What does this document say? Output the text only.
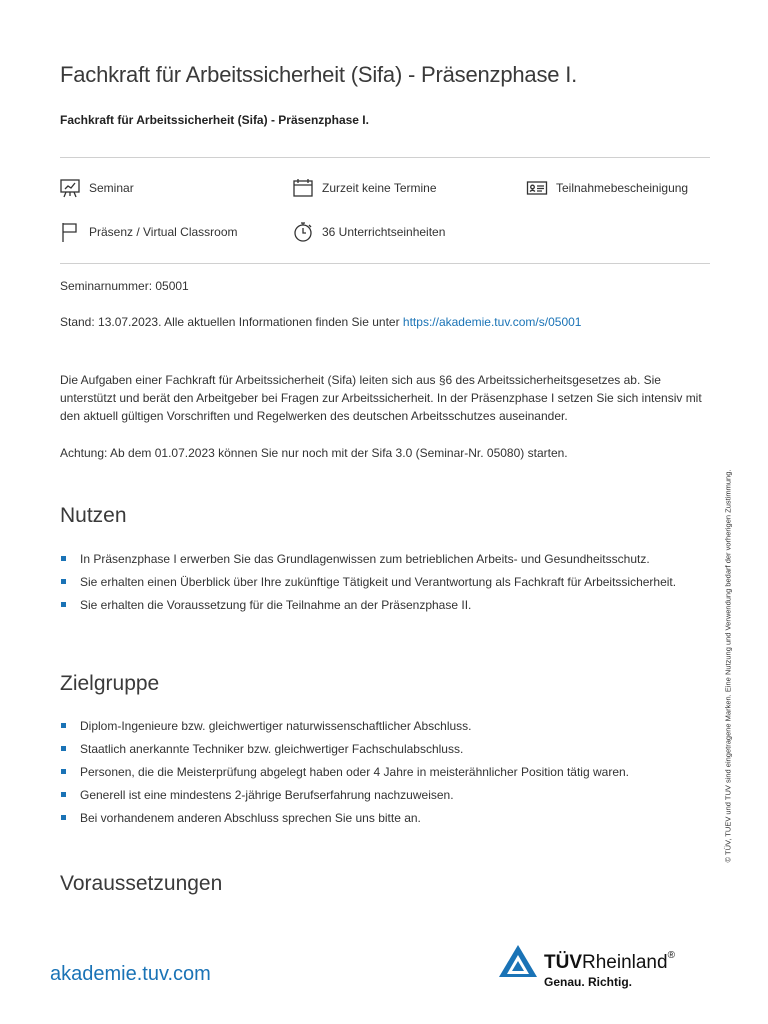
Fachkraft für Arbeitssicherheit (Sifa) - Präsenzphase I.
Fachkraft für Arbeitssicherheit (Sifa) - Präsenzphase I.
Seminar	Zurzeit keine Termine	Teilnahmebescheinigung
Präsenz / Virtual Classroom	36 Unterrichtseinheiten
Seminarnummer: 05001
Stand: 13.07.2023. Alle aktuellen Informationen finden Sie unter https://akademie.tuv.com/s/05001

Die Aufgaben einer Fachkraft für Arbeitssicherheit (Sifa) leiten sich aus §6 des Arbeitssicherheitsgesetzes ab. Sie unterstützt und berät den Arbeitgeber bei Fragen zur Arbeitssicherheit. In der Präsenzphase I setzen Sie sich intensiv mit den aktuell gültigen Vorschriften und Regelwerken des deutschen Arbeitsschutzes auseinander.

Achtung: Ab dem 01.07.2023 können Sie nur noch mit der Sifa 3.0 (Seminar-Nr. 05080) starten.

Nutzen
In Präsenzphase I erwerben Sie das Grundlagenwissen zum betrieblichen Arbeits- und Gesundheitsschutz.
Sie erhalten einen Überblick über Ihre zukünftige Tätigkeit und Verantwortung als Fachkraft für Arbeitssicherheit.
Sie erhalten die Voraussetzung für die Teilnahme an der Präsenzphase II.
Zielgruppe
Diplom-Ingenieure bzw. gleichwertiger naturwissenschaftlicher Abschluss.
Staatlich anerkannte Techniker bzw. gleichwertiger Fachschulabschluss.
Personen, die die Meisterprüfung abgelegt haben oder 4 Jahre in meisterähnlicher Position tätig waren.
Generell ist eine mindestens 2-jährige Berufserfahrung nachzuweisen.
Bei vorhandenem anderen Abschluss sprechen Sie uns bitte an.
Voraussetzungen
akademie.tuv.com
TÜVRheinland®
Genau. Richtig.
© TÜV, TUEV und TUV sind eingetragene Marken. Eine Nutzung und Verwendung bedarf der vorherigen Zustimmung.
